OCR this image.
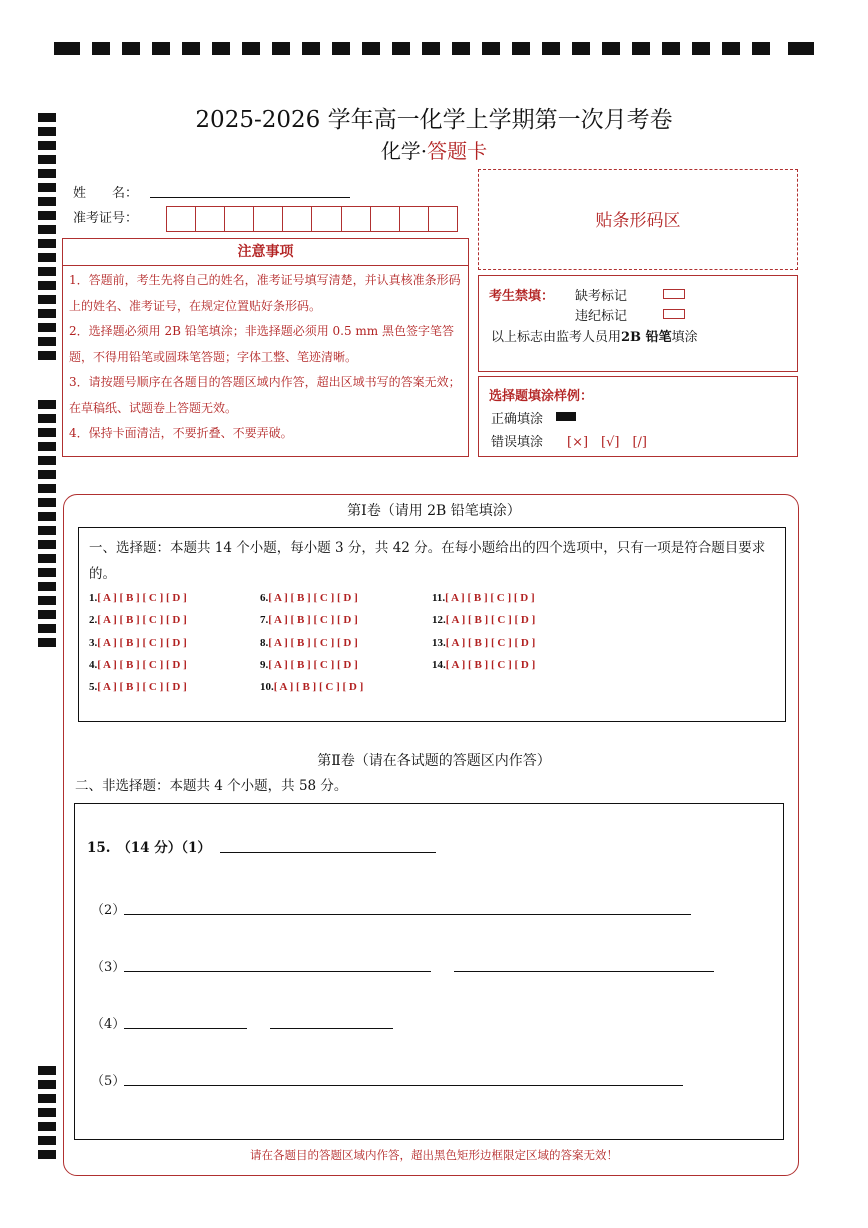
2025-2026 学年高一化学上学期第一次月考卷
化学·答题卡
姓　　名：
准考证号：	贴条形码区
注意事项
1．答题前，考生先将自己的姓名，准考证号填写清楚，并认真核准条形码上的姓名、准考证号，在规定位置贴好条形码。
2．选择题必须用 2B 铅笔填涂；非选择题必须用 0.5 mm 黑色签字笔答题，不得用铅笔或圆珠笔答题；字体工整、笔迹清晰。
3．请按题号顺序在各题目的答题区域内作答，超出区域书写的答案无效；在草稿纸、试题卷上答题无效。
4．保持卡面清洁，不要折叠、不要弄破。
考生禁填： 缺考标记
违纪标记
以上标志由监考人员用2B 铅笔填涂
选择题填涂样例：
正确填涂
错误填涂 [×]　[√]　[/]
第Ⅰ卷（请用 2B 铅笔填涂）
一、选择题：本题共 14 个小题，每小题 3 分，共 42 分。在每小题给出的四个选项中，只有一项是符合题目要求的。
1.[ A ] [ B ] [ C ] [ D ]
2.[ A ] [ B ] [ C ] [ D ]
3.[ A ] [ B ] [ C ] [ D ]
4.[ A ] [ B ] [ C ] [ D ]
5.[ A ] [ B ] [ C ] [ D ]
6.[ A ] [ B ] [ C ] [ D ]
7.[ A ] [ B ] [ C ] [ D ]
8.[ A ] [ B ] [ C ] [ D ]
9.[ A ] [ B ] [ C ] [ D ]
10.[ A ] [ B ] [ C ] [ D ]
11.[ A ] [ B ] [ C ] [ D ]
12.[ A ] [ B ] [ C ] [ D ]
13.[ A ] [ B ] [ C ] [ D ]
14.[ A ] [ B ] [ C ] [ D ]
第Ⅱ卷（请在各试题的答题区内作答）
二、非选择题：本题共 4 个小题，共 58 分。
15.　（14 分）（1）
（2）
（3）
（4）
（5）
请在各题目的答题区域内作答，超出黑色矩形边框限定区域的答案无效！
